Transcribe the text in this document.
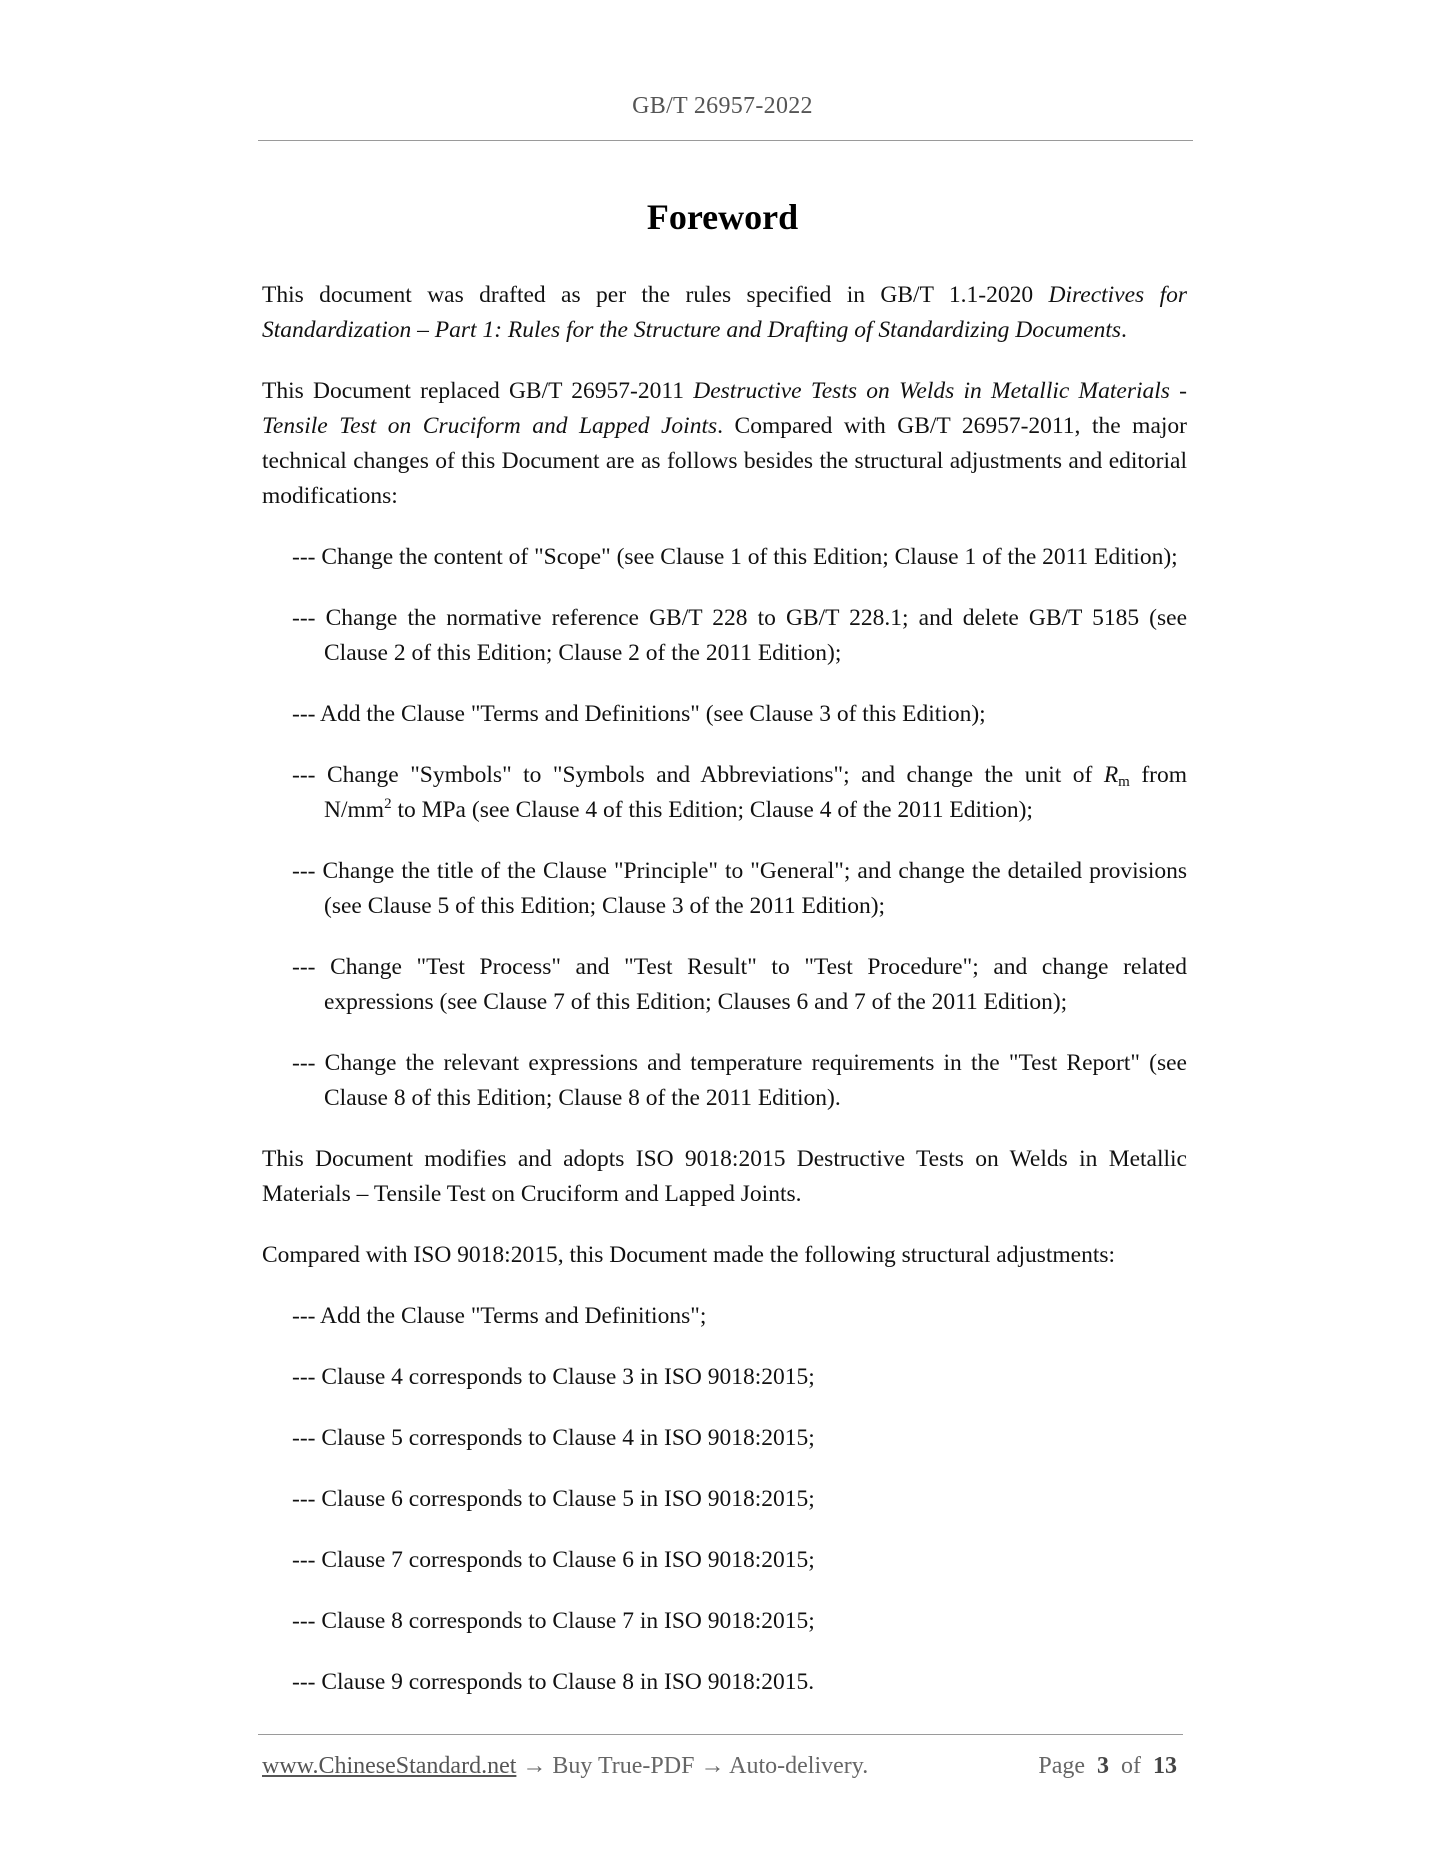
GB/T 26957-2022
Foreword

This document was drafted as per the rules specified in GB/T 1.1-2020 Directives for Standardization – Part 1: Rules for the Structure and Drafting of Standardizing Documents.

This Document replaced GB/T 26957-2011 Destructive Tests on Welds in Metallic Materials - Tensile Test on Cruciform and Lapped Joints. Compared with GB/T 26957-2011, the major technical changes of this Document are as follows besides the structural adjustments and editorial modifications:

--- Change the content of "Scope" (see Clause 1 of this Edition; Clause 1 of the 2011 Edition);

--- Change the normative reference GB/T 228 to GB/T 228.1; and delete GB/T 5185 (see Clause 2 of this Edition; Clause 2 of the 2011 Edition);

--- Add the Clause "Terms and Definitions" (see Clause 3 of this Edition);

--- Change "Symbols" to "Symbols and Abbreviations"; and change the unit of $R_m$ from $N/mm^2$ to MPa (see Clause 4 of this Edition; Clause 4 of the 2011 Edition);

--- Change the title of the Clause "Principle" to "General"; and change the detailed provisions (see Clause 5 of this Edition; Clause 3 of the 2011 Edition);

--- Change "Test Process" and "Test Result" to "Test Procedure"; and change related expressions (see Clause 7 of this Edition; Clauses 6 and 7 of the 2011 Edition);

--- Change the relevant expressions and temperature requirements in the "Test Report" (see Clause 8 of this Edition; Clause 8 of the 2011 Edition).

This Document modifies and adopts ISO 9018:2015 Destructive Tests on Welds in Metallic Materials – Tensile Test on Cruciform and Lapped Joints.

Compared with ISO 9018:2015, this Document made the following structural adjustments:

--- Add the Clause "Terms and Definitions";

--- Clause 4 corresponds to Clause 3 in ISO 9018:2015;

--- Clause 5 corresponds to Clause 4 in ISO 9018:2015;

--- Clause 6 corresponds to Clause 5 in ISO 9018:2015;

--- Clause 7 corresponds to Clause 6 in ISO 9018:2015;

--- Clause 8 corresponds to Clause 7 in ISO 9018:2015;

--- Clause 9 corresponds to Clause 8 in ISO 9018:2015.

www.ChineseStandard.net → Buy True-PDF → Auto-delivery.	Page 3 of 13
